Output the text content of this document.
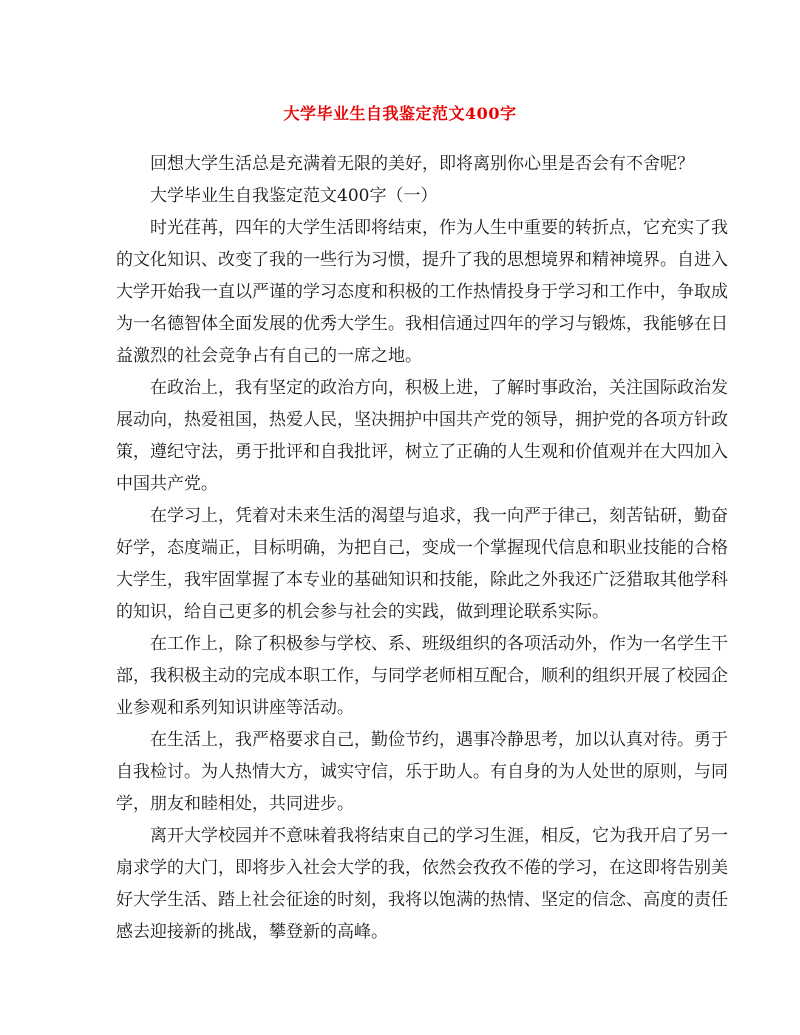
大学毕业生自我鉴定范文400字
回想大学生活总是充满着无限的美好，即将离别你心里是否会有不舍呢？
大学毕业生自我鉴定范文400字（一）
时光荏苒，四年的大学生活即将结束，作为人生中重要的转折点，它充实了我
的文化知识、改变了我的一些行为习惯，提升了我的思想境界和精神境界。自进入
大学开始我一直以严谨的学习态度和积极的工作热情投身于学习和工作中，争取成
为一名德智体全面发展的优秀大学生。我相信通过四年的学习与锻炼，我能够在日
益激烈的社会竞争占有自己的一席之地。
在政治上，我有坚定的政治方向，积极上进，了解时事政治，关注国际政治发
展动向，热爱祖国，热爱人民，坚决拥护中国共产党的领导，拥护党的各项方针政
策，遵纪守法，勇于批评和自我批评，树立了正确的人生观和价值观并在大四加入
中国共产党。
在学习上，凭着对未来生活的渴望与追求，我一向严于律己，刻苦钻研，勤奋
好学，态度端正，目标明确，为把自己，变成一个掌握现代信息和职业技能的合格
大学生，我牢固掌握了本专业的基础知识和技能，除此之外我还广泛猎取其他学科
的知识，给自己更多的机会参与社会的实践，做到理论联系实际。
在工作上，除了积极参与学校、系、班级组织的各项活动外，作为一名学生干
部，我积极主动的完成本职工作，与同学老师相互配合，顺利的组织开展了校园企
业参观和系列知识讲座等活动。
在生活上，我严格要求自己，勤俭节约，遇事冷静思考，加以认真对待。勇于
自我检讨。为人热情大方，诚实守信，乐于助人。有自身的为人处世的原则，与同
学，朋友和睦相处，共同进步。
离开大学校园并不意味着我将结束自己的学习生涯，相反，它为我开启了另一
扇求学的大门，即将步入社会大学的我，依然会孜孜不倦的学习，在这即将告别美
好大学生活、踏上社会征途的时刻，我将以饱满的热情、坚定的信念、高度的责任
感去迎接新的挑战，攀登新的高峰。
